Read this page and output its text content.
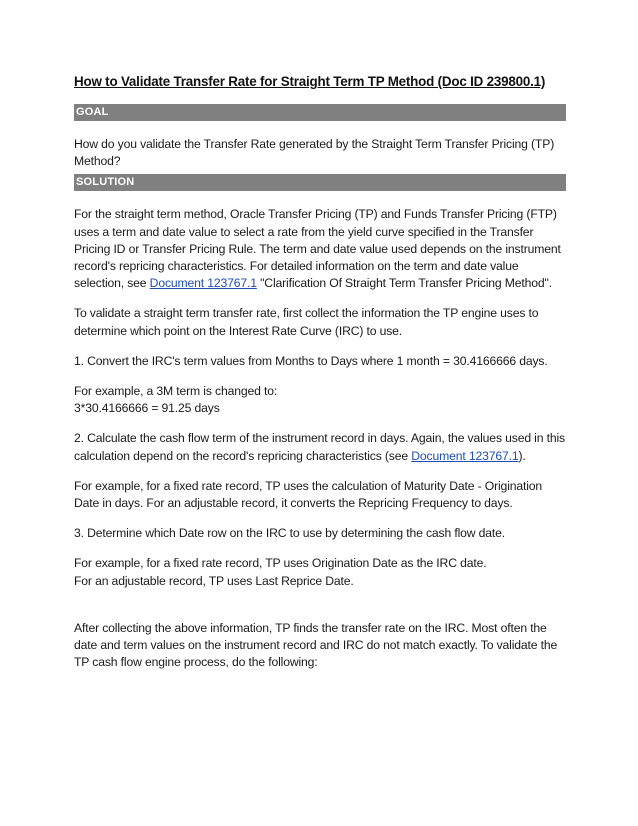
How to Validate Transfer Rate for Straight Term TP Method (Doc ID 239800.1)
GOAL

How do you validate the Transfer Rate generated by the Straight Term Transfer Pricing (TP) Method?

SOLUTION

For the straight term method, Oracle Transfer Pricing (TP) and Funds Transfer Pricing (FTP) uses a term and date value to select a rate from the yield curve specified in the Transfer Pricing ID or Transfer Pricing Rule. The term and date value used depends on the instrument record's repricing characteristics. For detailed information on the term and date value selection, see Document 123767.1 "Clarification Of Straight Term Transfer Pricing Method".

To validate a straight term transfer rate, first collect the information the TP engine uses to determine which point on the Interest Rate Curve (IRC) to use.

1. Convert the IRC's term values from Months to Days where 1 month = 30.4166666 days.

For example, a 3M term is changed to:
3*30.4166666 = 91.25 days

2. Calculate the cash flow term of the instrument record in days. Again, the values used in this calculation depend on the record's repricing characteristics (see Document 123767.1).

For example, for a fixed rate record, TP uses the calculation of Maturity Date - Origination Date in days. For an adjustable record, it converts the Repricing Frequency to days.

3. Determine which Date row on the IRC to use by determining the cash flow date.

For example, for a fixed rate record, TP uses Origination Date as the IRC date.
For an adjustable record, TP uses Last Reprice Date.

After collecting the above information, TP finds the transfer rate on the IRC. Most often the date and term values on the instrument record and IRC do not match exactly. To validate the TP cash flow engine process, do the following:
